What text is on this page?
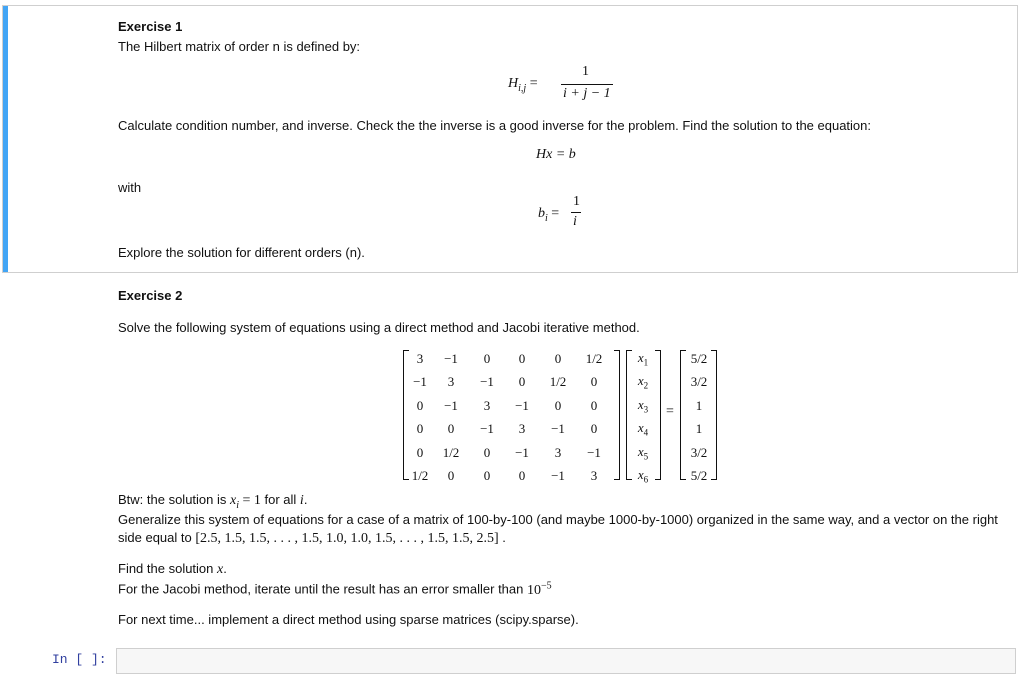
Exercise 1
The Hilbert matrix of order n is defined by:
$H_{i,j}$ =
1
i + j − 1
Calculate condition number, and inverse. Check the the inverse is a good inverse for the problem. Find the solution to the equation:
Hx = b
with
$b_i$ =
1
i
Explore the solution for different orders (n).
Exercise 2
Solve the following system of equations using a direct method and Jacobi iterative method.
3	−1	0	0	0	1/2
−1	3	−1	0	1/2	0
0	−1	3	−1	0	0
0	0	−1	3	−1	0
0	1/2	0	−1	3	−1
1/2	0	0	0	−1	3
$x_1$
$x_2$
$x_3$
$x_4$
$x_5$
$x_6$
=
5/2
3/2
1
1
3/2
5/2
Btw: the solution is $x_i = 1$ for all i.
Generalize this system of equations for a case of a matrix of 100-by-100 (and maybe 1000-by-1000) organized in the same way, and a vector on the right
side equal to [2.5, 1.5, 1.5, . . . , 1.5, 1.0, 1.0, 1.5, . . . , 1.5, 1.5, 2.5] .
Find the solution x.
For the Jacobi method, iterate until the result has an error smaller than $10^{-5}$
For next time... implement a direct method using sparse matrices (scipy.sparse).
In [ ]:
